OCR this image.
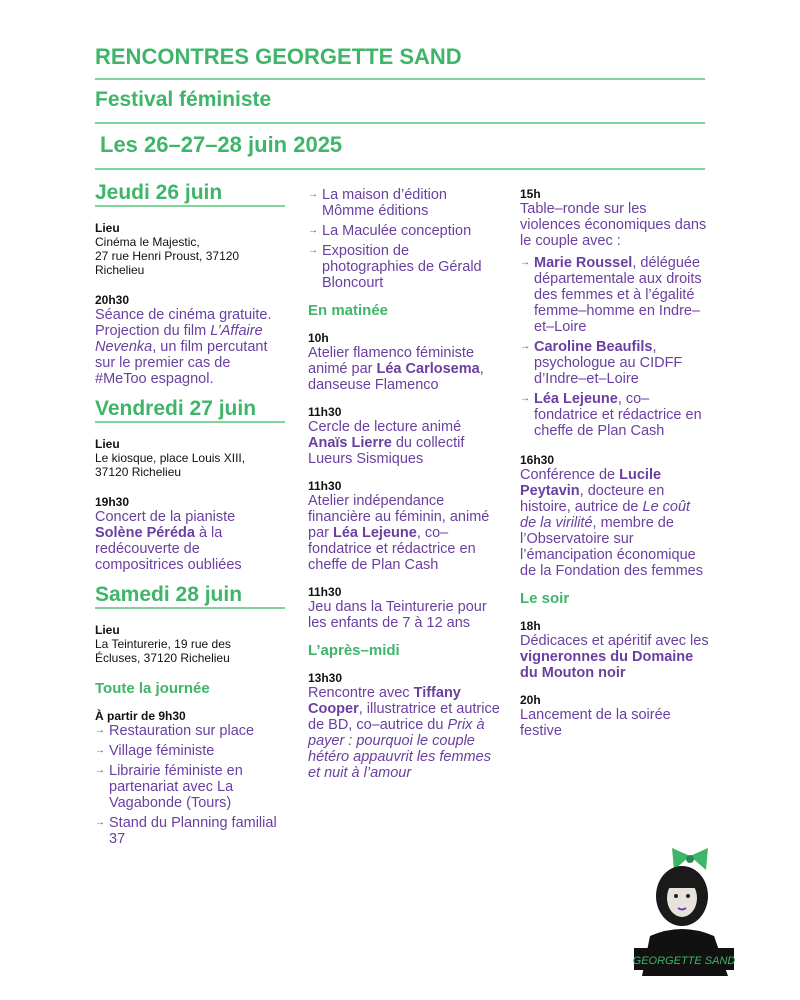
RENCONTRES GEORGETTE SAND
Festival féministe
Les 26–27–28 juin 2025
Jeudi 26 juin
Lieu
Cinéma le Majestic,
27 rue Henri Proust, 37120
Richelieu
20h30
Séance de cinéma gratuite. Projection du film L’Affaire Nevenka, un film percutant sur le premier cas de #MeToo espagnol.
Vendredi 27 juin
Lieu
Le kiosque, place Louis XIII,
37120 Richelieu
19h30
Concert de la pianiste Solène Péréda à la redécouverte de compositrices oubliées
Samedi 28 juin
Lieu
La Teinturerie, 19 rue des
Écluses, 37120 Richelieu
Toute la journée
À partir de 9h30
→ Restauration sur place
→ Village féministe
→ Librairie féministe en partenariat avec La Vagabonde (Tours)
→ Stand du Planning familial 37
→ La maison d’édition Mômme éditions
→ La Maculée conception
→ Exposition de photographies de Gérald Bloncourt
En matinée
10h
Atelier flamenco féministe animé par Léa Carlosema, danseuse Flamenco
11h30
Cercle de lecture animé Anaïs Lierre du collectif Lueurs Sismiques
11h30
Atelier indépendance financière au féminin, animé par Léa Lejeune, co–fondatrice et rédactrice en cheffe de Plan Cash
11h30
Jeu dans la Teinturerie pour les enfants de 7 à 12 ans
L’après–midi
13h30
Rencontre avec Tiffany Cooper, illustratrice et autrice de BD, co–autrice du Prix à payer : pourquoi le couple hétéro appauvrit les femmes et nuit à l’amour
15h
Table–ronde sur les violences économiques dans le couple avec :
→ Marie Roussel, déléguée départementale aux droits des femmes et à l’égalité femme–homme en Indre–et–Loire
→ Caroline Beaufils, psychologue au CIDFF d’Indre–et–Loire
→ Léa Lejeune, co–fondatrice et rédactrice en cheffe de Plan Cash
16h30
Conférence de Lucile Peytavin, docteure en histoire, autrice de Le coût de la virilité, membre de l’Observatoire sur l’émancipation économique de la Fondation des femmes
Le soir
18h
Dédicaces et apéritif avec les vigneronnes du Domaine du Mouton noir
20h
Lancement de la soirée festive
GEORGETTE SAND
